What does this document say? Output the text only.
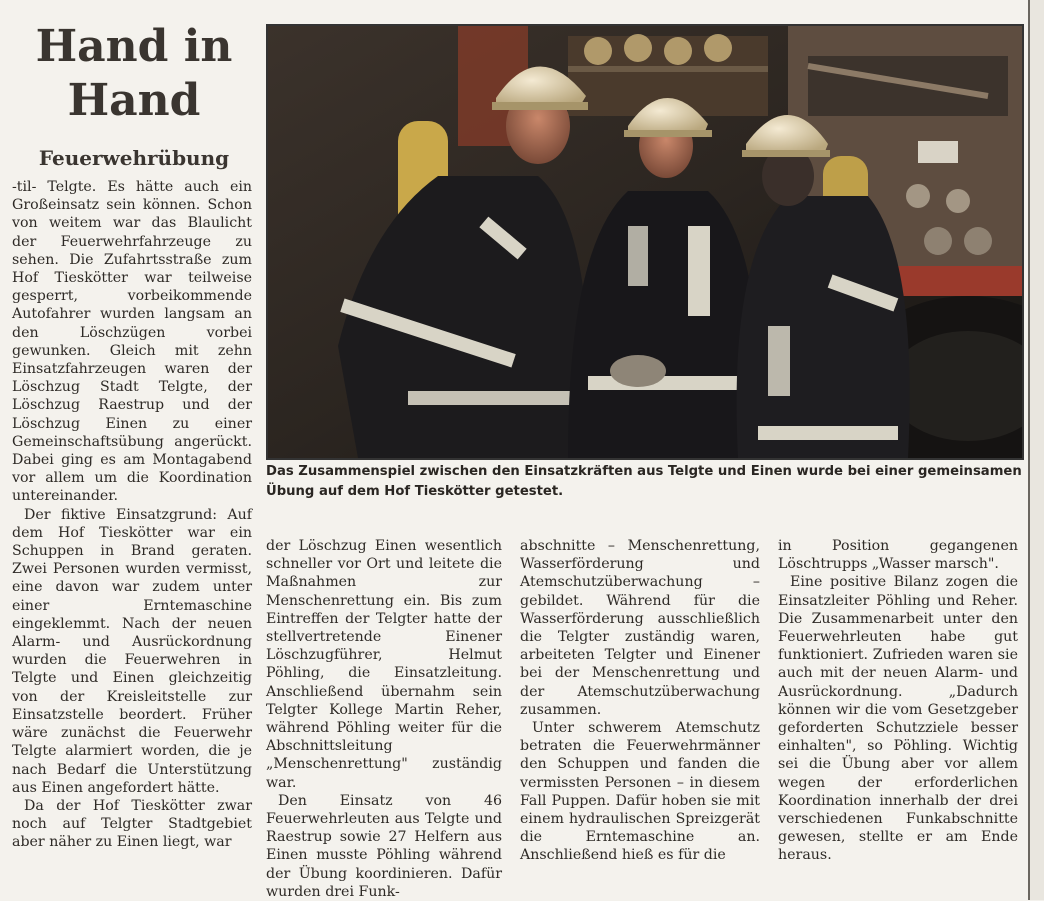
Hand in
Hand
Feuerwehrübung

Das Zusammenspiel zwischen den Einsatzkräften aus Telgte und Einen wurde bei einer gemeinsamen Übung auf dem Hof Tieskötter getestet.

-til- Telgte. Es hätte auch ein Großeinsatz sein können. Schon von weitem war das Blaulicht der Feuerwehrfahrzeuge zu sehen. Die Zufahrtsstraße zum Hof Tieskötter war teilweise gesperrt, vorbeikommende Autofahrer wurden langsam an den Löschzügen vorbei gewunken. Gleich mit zehn Einsatzfahrzeugen waren der Löschzug Stadt Telgte, der Löschzug Raestrup und der Löschzug Einen zu einer Gemeinschaftsübung angerückt. Dabei ging es am Montagabend vor allem um die Koordination untereinander.

Der fiktive Einsatzgrund: Auf dem Hof Tieskötter war ein Schuppen in Brand geraten. Zwei Personen wurden vermisst, eine davon war zudem unter einer Erntemaschine eingeklemmt. Nach der neuen Alarm- und Ausrückordnung wurden die Feuerwehren in Telgte und Einen gleichzeitig von der Kreisleitstelle zur Einsatzstelle beordert. Früher wäre zunächst die Feuerwehr Telgte alarmiert worden, die je nach Bedarf die Unterstützung aus Einen angefordert hätte.

Da der Hof Tieskötter zwar noch auf Telgter Stadtgebiet aber näher zu Einen liegt, war

der Löschzug Einen wesentlich schneller vor Ort und leitete die Maßnahmen zur Menschenrettung ein. Bis zum Eintreffen der Telgter hatte der stellvertretende Einener Löschzugführer, Helmut Pöhling, die Einsatzleitung. Anschließend übernahm sein Telgter Kollege Martin Reher, während Pöhling weiter für die Abschnittsleitung „Menschenrettung" zuständig war.

Den Einsatz von 46 Feuerwehrleuten aus Telgte und Raestrup sowie 27 Helfern aus Einen musste Pöhling während der Übung koordinieren. Dafür wurden drei Funk-

abschnitte – Menschenrettung, Wasserförderung und Atemschutzüberwachung – gebildet. Während für die Wasserförderung ausschließlich die Telgter zuständig waren, arbeiteten Telgter und Einener bei der Menschenrettung und der Atemschutzüberwachung zusammen.

Unter schwerem Atemschutz betraten die Feuerwehrmänner den Schuppen und fanden die vermissten Personen – in diesem Fall Puppen. Dafür hoben sie mit einem hydraulischen Spreizgerät die Erntemaschine an. Anschließend hieß es für die

in Position gegangenen Löschtrupps „Wasser marsch".

Eine positive Bilanz zogen die Einsatzleiter Pöhling und Reher. Die Zusammenarbeit unter den Feuerwehrleuten habe gut funktioniert. Zufrieden waren sie auch mit der neuen Alarm- und Ausrückordnung. „Dadurch können wir die vom Gesetzgeber geforderten Schutzziele besser einhalten", so Pöhling. Wichtig sei die Übung aber vor allem wegen der erforderlichen Koordination innerhalb der drei verschiedenen Funkabschnitte gewesen, stellte er am Ende heraus.
